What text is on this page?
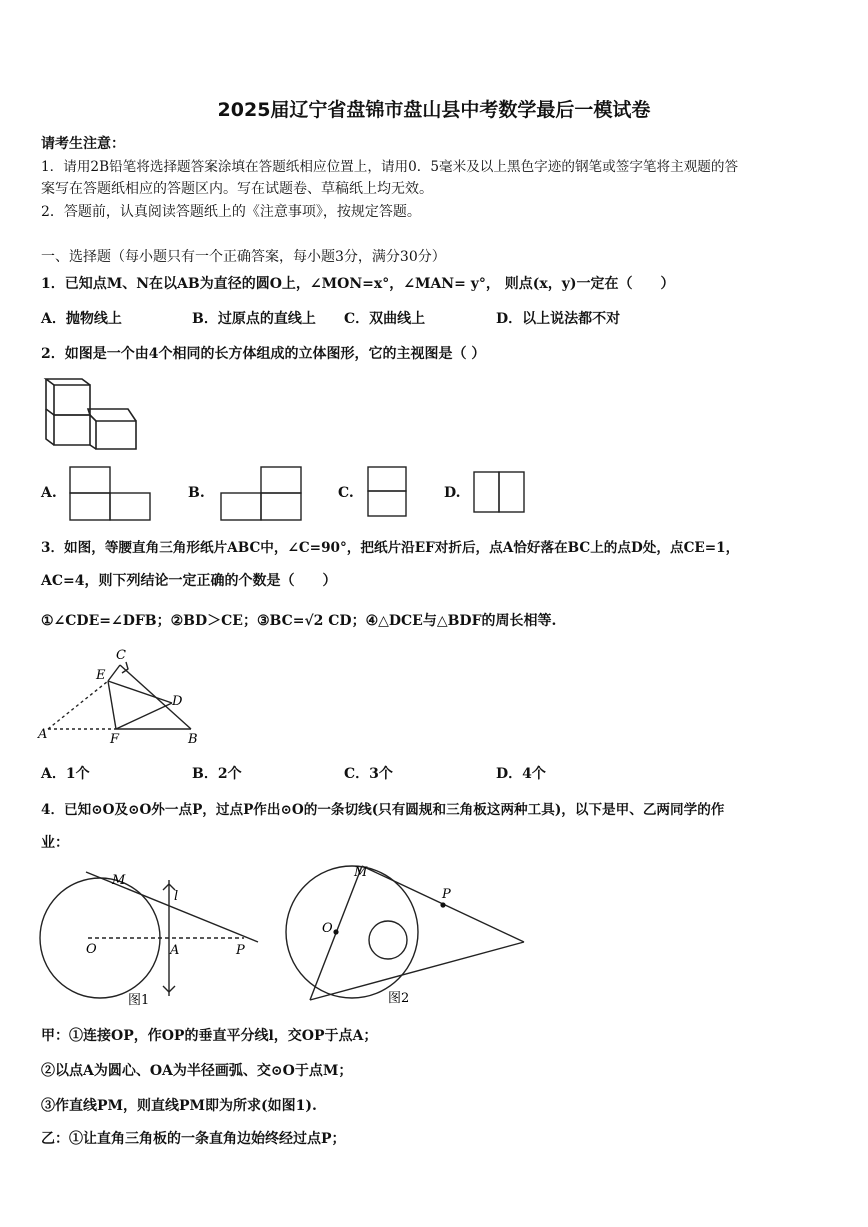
2025届辽宁省盘锦市盘山县中考数学最后一模试卷
请考生注意：
1．请用2B铅笔将选择题答案涂填在答题纸相应位置上，请用0．5毫米及以上黑色字迹的钢笔或签字笔将主观题的答
案写在答题纸相应的答题区内。写在试题卷、草稿纸上均无效。
2．答题前，认真阅读答题纸上的《注意事项》，按规定答题。
一、选择题（每小题只有一个正确答案，每小题3分，满分30分）
1．已知点M、N在以AB为直径的圆O上，∠MON=x°，∠MAN= y°， 则点(x，y)一定在（　　）
A．抛物线上	B．过原点的直线上 C．双曲线上	D．以上说法都不对
2．如图是一个由4个相同的长方体组成的立体图形，它的主视图是（ ）
A.	B.	C.	D.
3．如图，等腰直角三角形纸片ABC中，∠C=90°，把纸片沿EF对折后，点A恰好落在BC上的点D处，点CE=1，
AC=4，则下列结论一定正确的个数是（　　）
①∠CDE=∠DFB；②BD＞CE；③BC=√2 CD；④△DCE与△BDF的周长相等.
A	B
C
D
E
F
A．1个	B．2个	C．3个	D．4个
4．已知⊙O及⊙O外一点P，过点P作出⊙O的一条切线(只有圆规和三角板这两种工具)，以下是甲、乙两同学的作
业：
M
l
O	A	P
图1
M
O
P
图2
甲：①连接OP，作OP的垂直平分线l，交OP于点A；
②以点A为圆心、OA为半径画弧、交⊙O于点M；
③作直线PM，则直线PM即为所求(如图1).
乙：①让直角三角板的一条直角边始终经过点P；
